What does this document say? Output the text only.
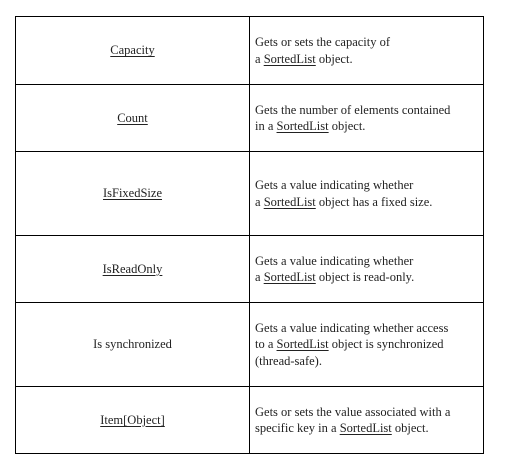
Capacity	Gets or sets the capacity of
a SortedList object.
Count	Gets the number of elements contained
in a SortedList object.
IsFixedSize	Gets a value indicating whether
a SortedList object has a fixed size.
IsReadOnly	Gets a value indicating whether
a SortedList object is read-only.
Is synchronized	Gets a value indicating whether access
to a SortedList object is synchronized
(thread-safe).
Item[Object]	Gets or sets the value associated with a
specific key in a SortedList object.
